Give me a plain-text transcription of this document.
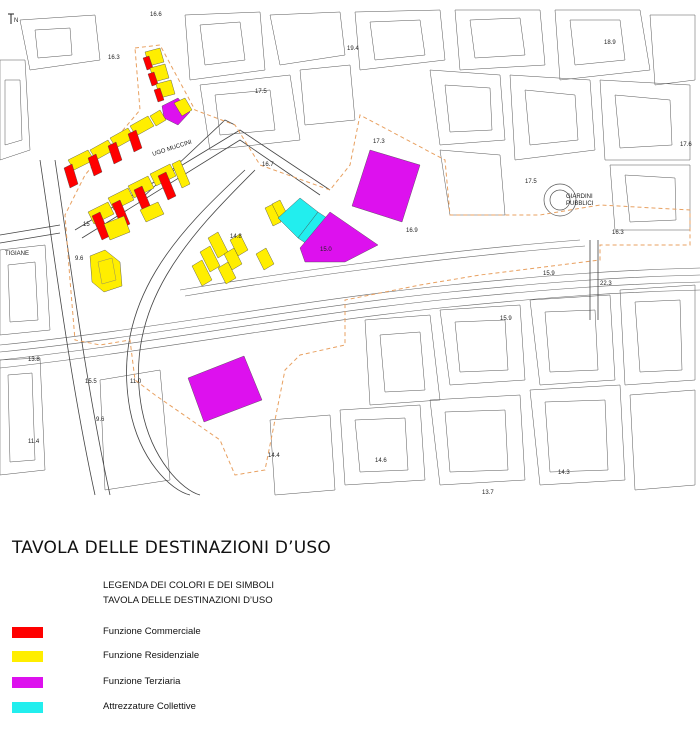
N
UGO MUCCINI
GIARDINI
PUBBLICI
TIGIANE
16.6
16.3
19.4
18.9
17.5
17.3
16.7
17.6
17.5
14.8
15.0
16.9
15
9.6
16.3
15.9
22.3
15.9
13.8
15.5	11.0
9.6
11.4
14.4
14.6
14.3
13.7
TAVOLA DELLE DESTINAZIONI D’USO
LEGENDA DEI COLORI E DEI SIMBOLI
TAVOLA DELLE DESTINAZIONI D’USO
Funzione Commerciale
Funzione Residenziale
Funzione Terziaria
Attrezzature Collettive
